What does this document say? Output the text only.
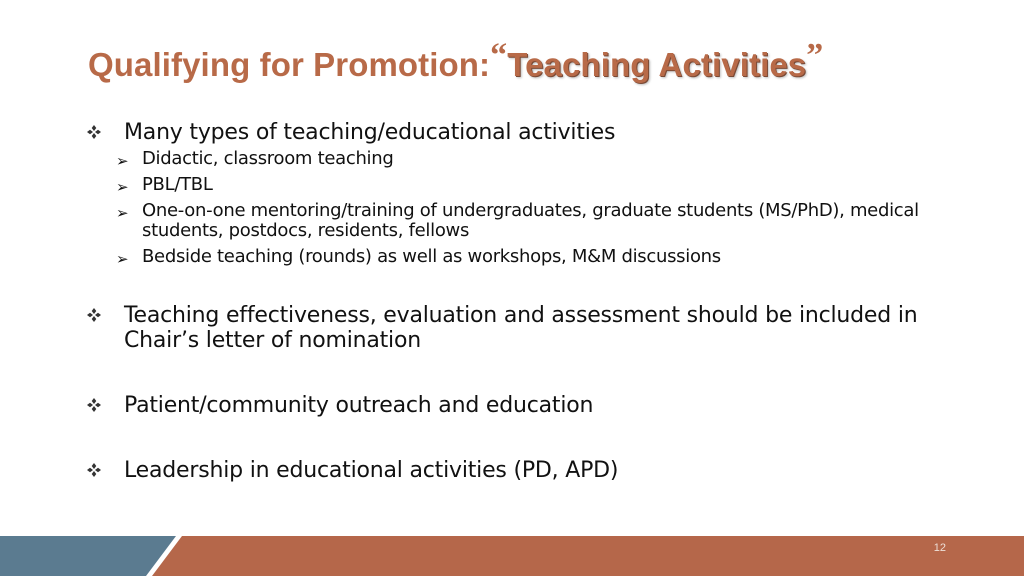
Qualifying for Promotion:“Teaching Activities”
Many types of teaching/educational activities
➢ Didactic, classroom teaching
➢ PBL/TBL
➢ One-on-one mentoring/training of undergraduates, graduate students (MS/PhD), medical students, postdocs, residents, fellows
➢ Bedside teaching (rounds) as well as workshops, M&M discussions
Teaching effectiveness, evaluation and assessment should be included in Chair’s letter of nomination
Patient/community outreach and education
Leadership in educational activities (PD, APD)
12
